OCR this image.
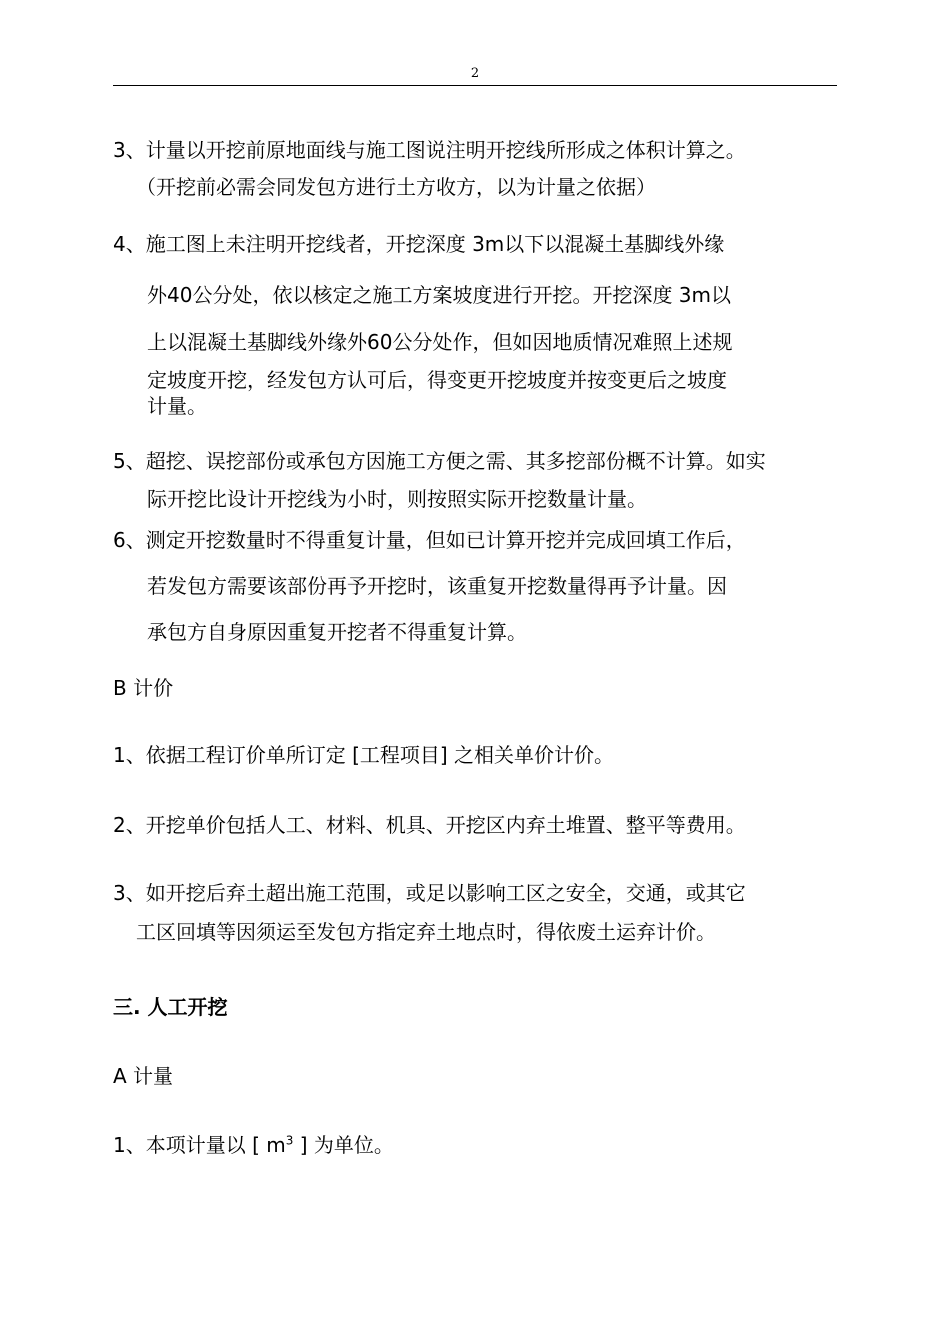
2
3、计量以开挖前原地面线与施工图说注明开挖线所形成之体积计算之。
（开挖前必需会同发包方进行土方收方，以为计量之依据）
4、施工图上未注明开挖线者，开挖深度 3m以下以混凝土基脚线外缘
外40公分处，依以核定之施工方案坡度进行开挖。开挖深度 3m以
上以混凝土基脚线外缘外60公分处作，但如因地质情况难照上述规
定坡度开挖，经发包方认可后，得变更开挖坡度并按变更后之坡度
计量。
5、超挖、误挖部份或承包方因施工方便之需、其多挖部份概不计算。如实
际开挖比设计开挖线为小时，则按照实际开挖数量计量。
6、测定开挖数量时不得重复计量，但如已计算开挖并完成回填工作后，
若发包方需要该部份再予开挖时，该重复开挖数量得再予计量。因
承包方自身原因重复开挖者不得重复计算。
B 计价
1、依据工程订价单所订定 [工程项目] 之相关单价计价。
2、开挖单价包括人工、材料、机具、开挖区内弃土堆置、整平等费用。
3、如开挖后弃土超出施工范围，或足以影响工区之安全，交通，或其它
工区回填等因须运至发包方指定弃土地点时，得依废土运弃计价。
三. 人工开挖
A 计量
1、本项计量以 [ $m^3$ ] 为单位。
